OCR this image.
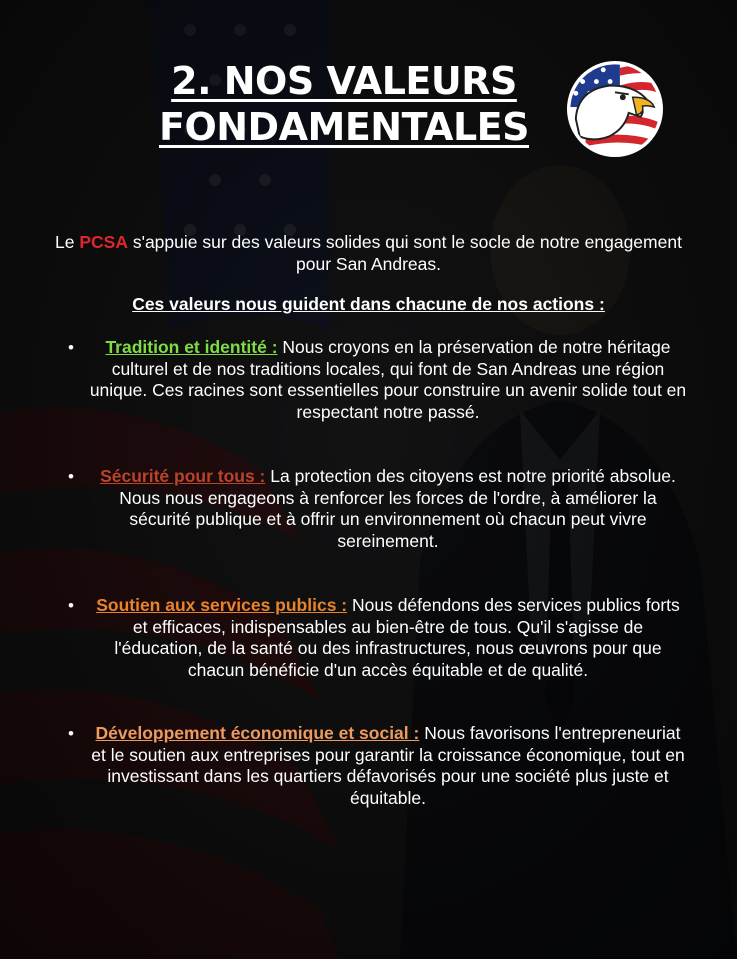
2. NOS VALEURS
FONDAMENTALES

Le PCSA s'appuie sur des valeurs solides qui sont le socle de notre engagement pour San Andreas.

Ces valeurs nous guident dans chacune de nos actions :

• Tradition et identité : Nous croyons en la préservation de notre héritage culturel et de nos traditions locales, qui font de San Andreas une région unique. Ces racines sont essentielles pour construire un avenir solide tout en respectant notre passé.
• Sécurité pour tous : La protection des citoyens est notre priorité absolue. Nous nous engageons à renforcer les forces de l'ordre, à améliorer la sécurité publique et à offrir un environnement où chacun peut vivre sereinement.
• Soutien aux services publics : Nous défendons des services publics forts et efficaces, indispensables au bien-être de tous. Qu'il s'agisse de l'éducation, de la santé ou des infrastructures, nous œuvrons pour que chacun bénéficie d'un accès équitable et de qualité.
• Développement économique et social : Nous favorisons l'entrepreneuriat et le soutien aux entreprises pour garantir la croissance économique, tout en investissant dans les quartiers défavorisés pour une société plus juste et équitable.
